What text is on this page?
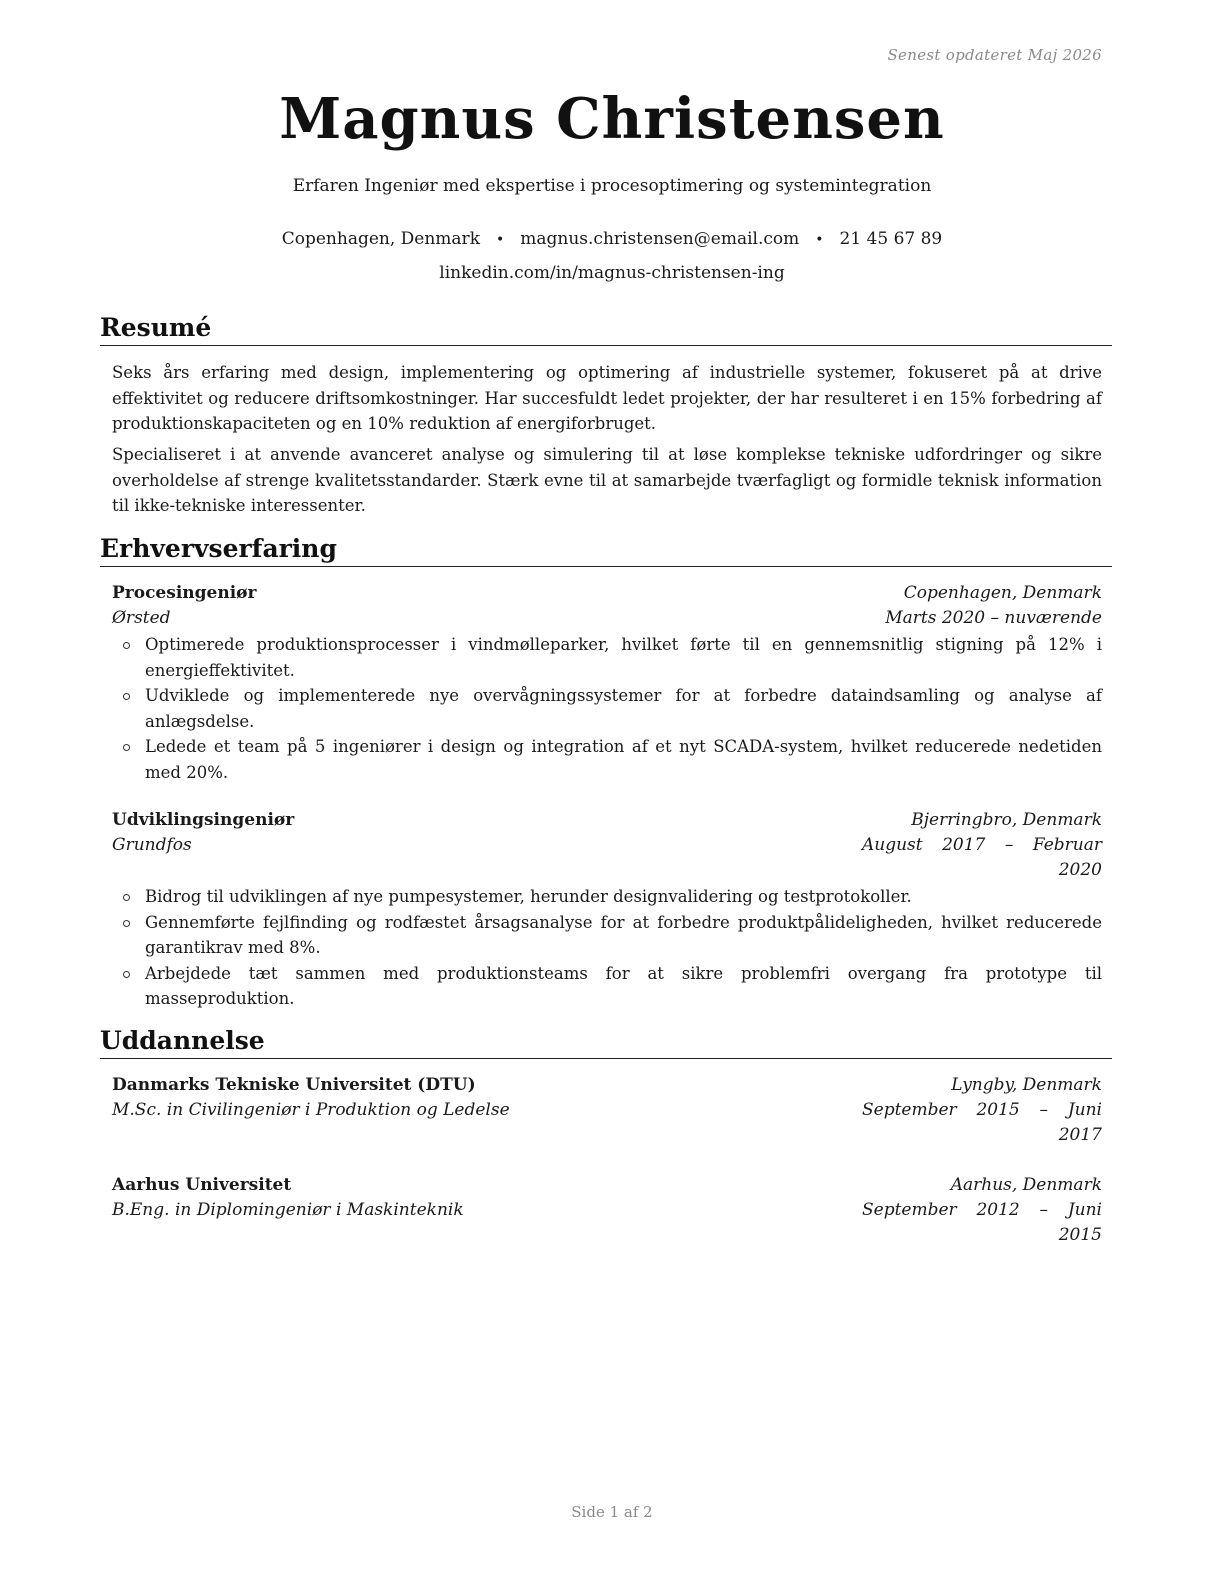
Senest opdateret Maj 2026
Magnus Christensen
Erfaren Ingeniør med ekspertise i procesoptimering og systemintegration
Copenhagen, Denmark • magnus.christensen@email.com • 21 45 67 89
linkedin.com/in/magnus-christensen-ing
Resumé

Seks års erfaring med design, implementering og optimering af industrielle systemer, fokuseret på at drive effektivitet og reducere driftsomkostninger. Har succesfuldt ledet projekter, der har resulteret i en 15% forbedring af produktionskapaciteten og en 10% reduktion af energiforbruget.

Specialiseret i at anvende avanceret analyse og simulering til at løse komplekse tekniske udfordringer og sikre overholdelse af strenge kvalitetsstandarder. Stærk evne til at samarbejde tværfagligt og formidle teknisk information til ikke-tekniske interessenter.

Erhvervserfaring
Procesingeniør	Copenhagen, Denmark
Ørsted	Marts 2020 – nuværende
Optimerede produktionsprocesser i vindmølleparker, hvilket førte til en gennemsnitlig stigning på 12% i energieffektivitet.
Udviklede og implementerede nye overvågningssystemer for at forbedre dataindsamling og analyse af anlægsdelse.
Ledede et team på 5 ingeniører i design og integration af et nyt SCADA-system, hvilket reducerede nedetiden med 20%.
Udviklingsingeniør	Bjerringbro, Denmark
Grundfos	August 2017 – Februar 2020
Bidrog til udviklingen af nye pumpesystemer, herunder designvalidering og testprotokoller.
Gennemførte fejlfinding og rodfæstet årsagsanalyse for at forbedre produktpålideligheden, hvilket reducerede garantikrav med 8%.
Arbejdede tæt sammen med produktionsteams for at sikre problemfri overgang fra prototype til masseproduktion.
Uddannelse
Danmarks Tekniske Universitet (DTU)	Lyngby, Denmark
M.Sc. in Civilingeniør i Produktion og Ledelse	September 2015 – Juni 2017
Aarhus Universitet	Aarhus, Denmark
B.Eng. in Diplomingeniør i Maskinteknik	September 2012 – Juni 2015
Side 1 af 2
